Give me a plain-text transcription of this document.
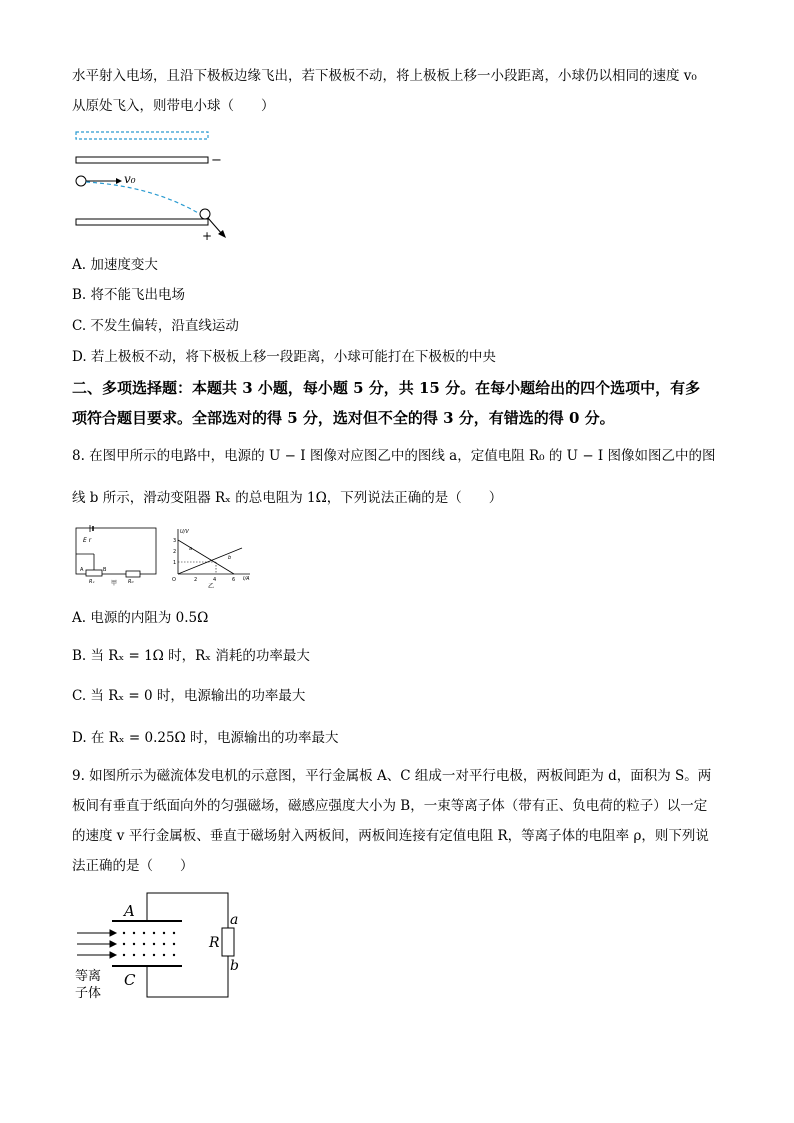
水平射入电场，且沿下极板边缘飞出，若下极板不动，将上极板上移一小段距离，小球仍以相同的速度 v₀
从原处飞入，则带电小球（　　）
−
v₀
+
A. 加速度变大
B. 将不能飞出电场
C. 不发生偏转，沿直线运动
D. 若上极板不动，将下极板上移一段距离，小球可能打在下极板的中央
二、多项选择题：本题共 3 小题，每小题 5 分，共 15 分。在每小题给出的四个选项中，有多
项符合题目要求。全部选对的得 5 分，选对但不全的得 3 分，有错选的得 0 分。
8. 在图甲所示的电路中，电源的 U − I 图像对应图乙中的图线 a，定值电阻 R₀ 的 U − I 图像如图乙中的图
线 b 所示，滑动变阻器 Rₓ 的总电阻为 1Ω，下列说法正确的是（　　）
E r
A	B
Rₓ	R₀
甲
U/V
I/A
O
3
2
1
2	4	6
a
b
乙
A. 电源的内阻为 0.5Ω
B. 当 Rₓ = 1Ω 时，Rₓ 消耗的功率最大
C. 当 Rₓ = 0 时，电源输出的功率最大
D. 在 Rₓ = 0.25Ω 时，电源输出的功率最大
9. 如图所示为磁流体发电机的示意图，平行金属板 A、C 组成一对平行电极，两板间距为 d，面积为 S。两
板间有垂直于纸面向外的匀强磁场，磁感应强度大小为 B，一束等离子体（带有正、负电荷的粒子）以一定
的速度 v 平行金属板、垂直于磁场射入两板间，两板间连接有定值电阻 R，等离子体的电阻率 ρ，则下列说
法正确的是（　　）
A
C
R
a
b
等离
子体
